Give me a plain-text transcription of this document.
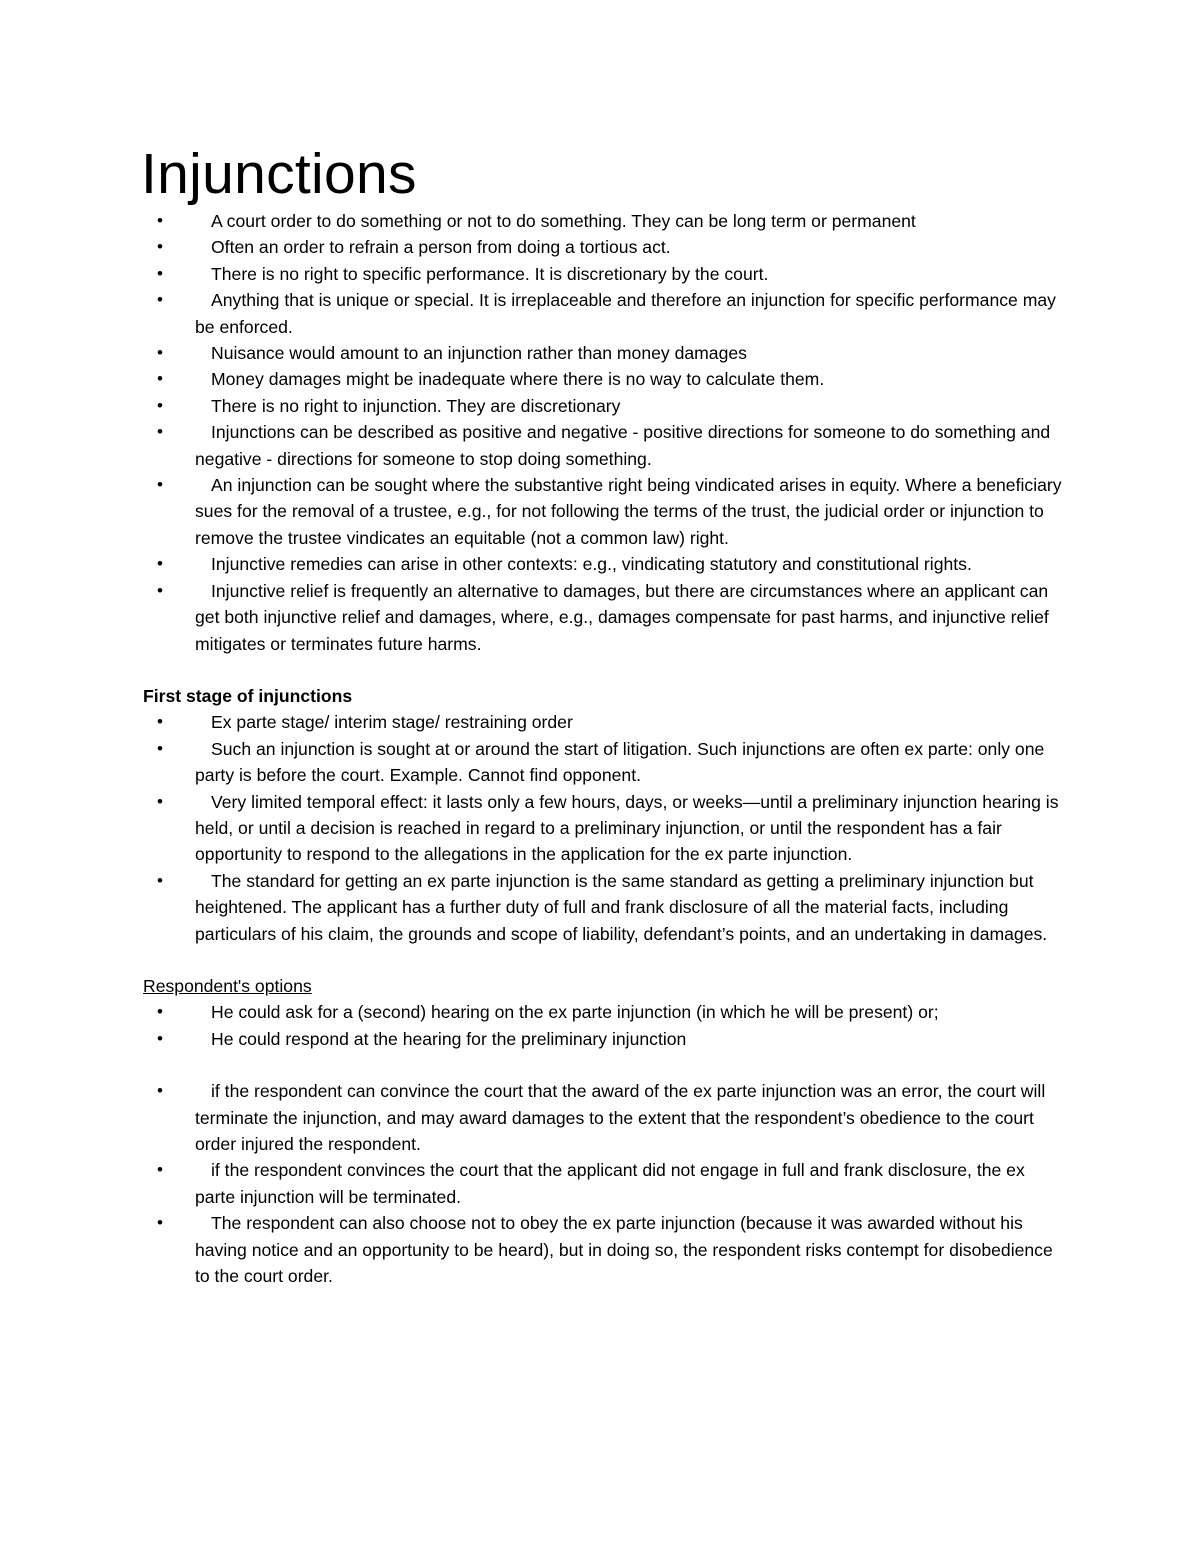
Injunctions
•	A court order to do something or not to do something. They can be long term or permanent
•	Often an order to refrain a person from doing a tortious act.
•	There is no right to specific performance. It is discretionary by the court.
•	Anything that is unique or special. It is irreplaceable and therefore an injunction for specific performance may be enforced.
•	Nuisance would amount to an injunction rather than money damages
•	Money damages might be inadequate where there is no way to calculate them.
•	There is no right to injunction. They are discretionary
•	Injunctions can be described as positive and negative - positive directions for someone to do something and negative - directions for someone to stop doing something.
•	An injunction can be sought where the substantive right being vindicated arises in equity. Where a beneficiary sues for the removal of a trustee, e.g., for not following the terms of the trust, the judicial order or injunction to remove the trustee vindicates an equitable (not a common law) right.
•	Injunctive remedies can arise in other contexts: e.g., vindicating statutory and constitutional rights.
•	Injunctive relief is frequently an alternative to damages, but there are circumstances where an applicant can get both injunctive relief and damages, where, e.g., damages compensate for past harms, and injunctive relief mitigates or terminates future harms.
First stage of injunctions
•	Ex parte stage/ interim stage/ restraining order
•	Such an injunction is sought at or around the start of litigation. Such injunctions are often ex parte: only one party is before the court. Example. Cannot find opponent.
•	Very limited temporal effect: it lasts only a few hours, days, or weeks—until a preliminary injunction hearing is held, or until a decision is reached in regard to a preliminary injunction, or until the respondent has a fair opportunity to respond to the allegations in the application for the ex parte injunction.
•	The standard for getting an ex parte injunction is the same standard as getting a preliminary injunction but heightened. The applicant has a further duty of full and frank disclosure of all the material facts, including particulars of his claim, the grounds and scope of liability, defendant’s points, and an undertaking in damages.
Respondent's options
•	He could ask for a (second) hearing on the ex parte injunction (in which he will be present) or;
•	He could respond at the hearing for the preliminary injunction
•	if the respondent can convince the court that the award of the ex parte injunction was an error, the court will terminate the injunction, and may award damages to the extent that the respondent’s obedience to the court order injured the respondent.
•	if the respondent convinces the court that the applicant did not engage in full and frank disclosure, the ex parte injunction will be terminated.
•	The respondent can also choose not to obey the ex parte injunction (because it was awarded without his having notice and an opportunity to be heard), but in doing so, the respondent risks contempt for disobedience to the court order.
